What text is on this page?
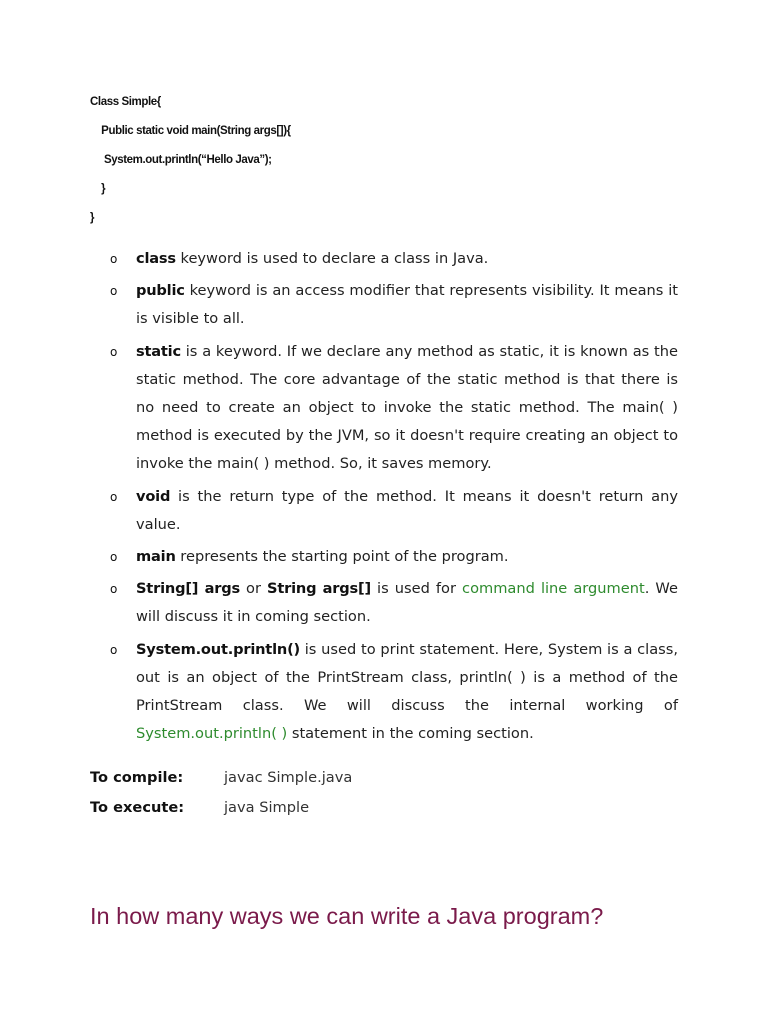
Class Simple{
Public static void main(String args[]){
System.out.println(“Hello Java”);
}
}
o class keyword is used to declare a class in Java.
o public keyword is an access modifier that represents visibility. It means it is visible to all.
o static is a keyword. If we declare any method as static, it is known as the static method. The core advantage of the static method is that there is no need to create an object to invoke the static method. The main( ) method is executed by the JVM, so it doesn't require creating an object to invoke the main( ) method. So, it saves memory.
o void is the return type of the method. It means it doesn't return any value.
o main represents the starting point of the program.
o String[] args or String args[] is used for command line argument. We will discuss it in coming section.
o System.out.println() is used to print statement. Here, System is a class, out is an object of the PrintStream class, println( ) is a method of the PrintStream class. We will discuss the internal working of System.out.println( ) statement in the coming section.
To compile:	javac Simple.java
To execute:	java Simple
In how many ways we can write a Java program?
